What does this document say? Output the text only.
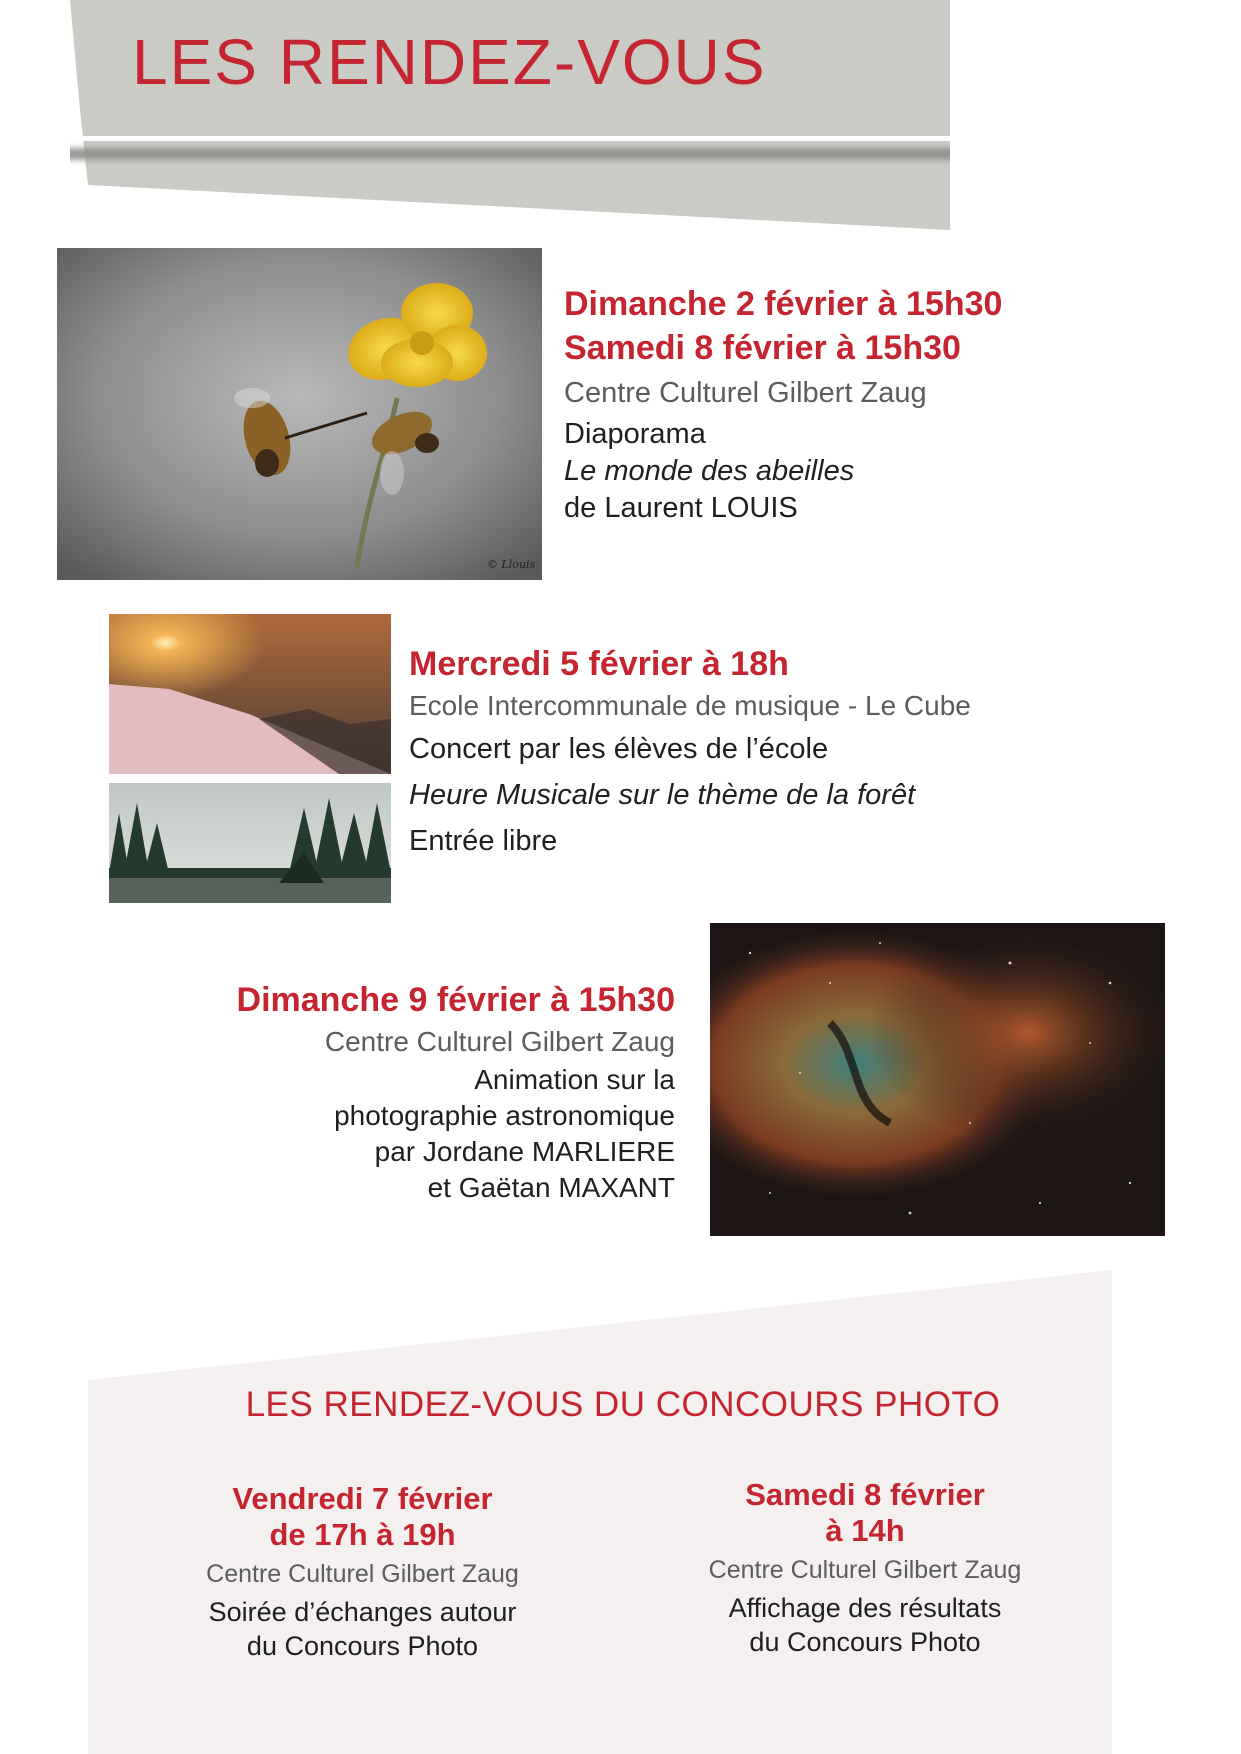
LES RENDEZ-VOUS
© Llouis
Dimanche 2 février à 15h30
Samedi 8 février à 15h30
Centre Culturel Gilbert Zaug
Diaporama
Le monde des abeilles
de Laurent LOUIS
Mercredi 5 février à 18h
Ecole Intercommunale de musique - Le Cube
Concert par les élèves de l’école
Heure Musicale sur le thème de la forêt
Entrée libre
Dimanche 9 février à 15h30
Centre Culturel Gilbert Zaug
Animation sur la
photographie astronomique
par Jordane MARLIERE
et Gaëtan MAXANT
LES RENDEZ-VOUS DU CONCOURS PHOTO
Vendredi 7 février
de 17h à 19h
Centre Culturel Gilbert Zaug
Soirée d’échanges autour
du Concours Photo
Samedi 8 février
à 14h
Centre Culturel Gilbert Zaug
Affichage des résultats
du Concours Photo
